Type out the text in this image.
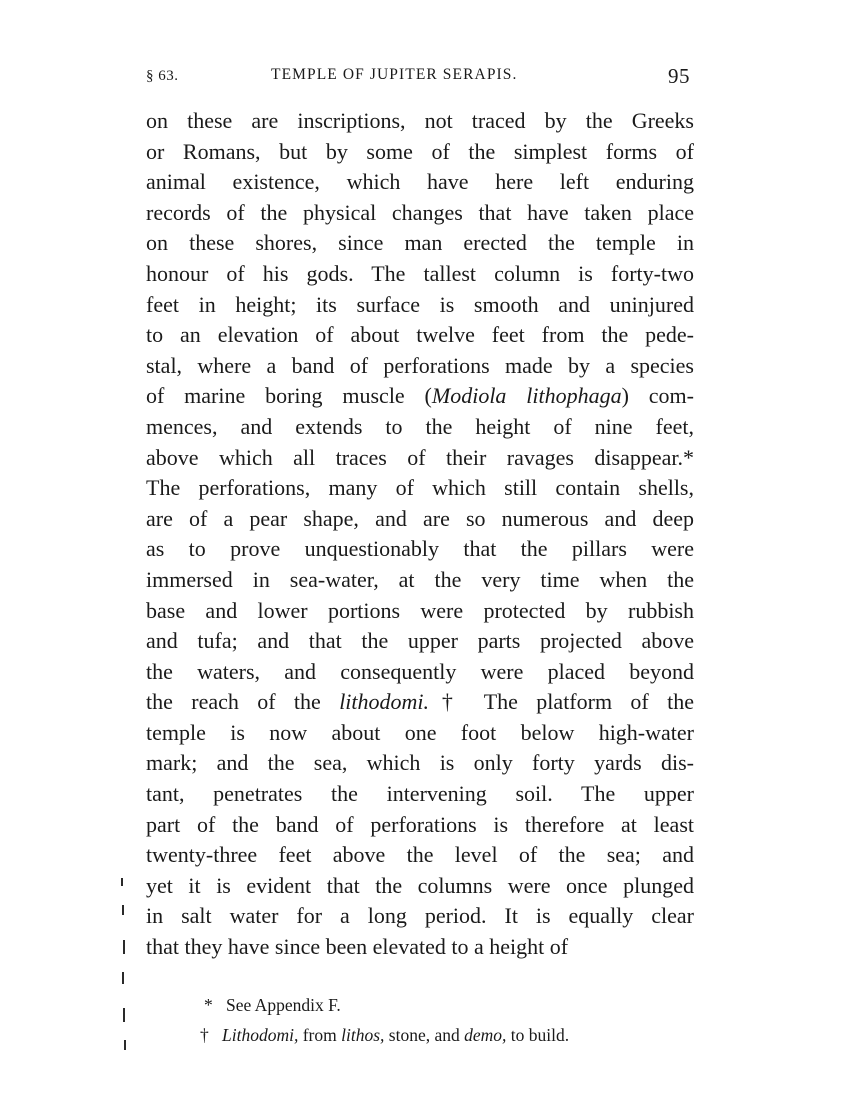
§ 63.	TEMPLE OF JUPITER SERAPIS.	95
on these are inscriptions, not traced by the Greeks
or Romans, but by some of the simplest forms of
animal existence, which have here left enduring
records of the physical changes that have taken place
on these shores, since man erected the temple in
honour of his gods. The tallest column is forty-two
feet in height; its surface is smooth and uninjured
to an elevation of about twelve feet from the pede-
stal, where a band of perforations made by a species
of marine boring muscle (Modiola lithophaga) com-
mences, and extends to the height of nine feet,
above which all traces of their ravages disappear.*
The perforations, many of which still contain shells,
are of a pear shape, and are so numerous and deep
as to prove unquestionably that the pillars were
immersed in sea-water, at the very time when the
base and lower portions were protected by rubbish
and tufa; and that the upper parts projected above
the waters, and consequently were placed beyond
the reach of the lithodomi.† The platform of the
temple is now about one foot below high-water
mark; and the sea, which is only forty yards dis-
tant, penetrates the intervening soil. The upper
part of the band of perforations is therefore at least
twenty-three feet above the level of the sea; and
yet it is evident that the columns were once plunged
in salt water for a long period. It is equally clear
that they have since been elevated to a height of
* See Appendix F.
† Lithodomi, from lithos, stone, and demo, to build.
